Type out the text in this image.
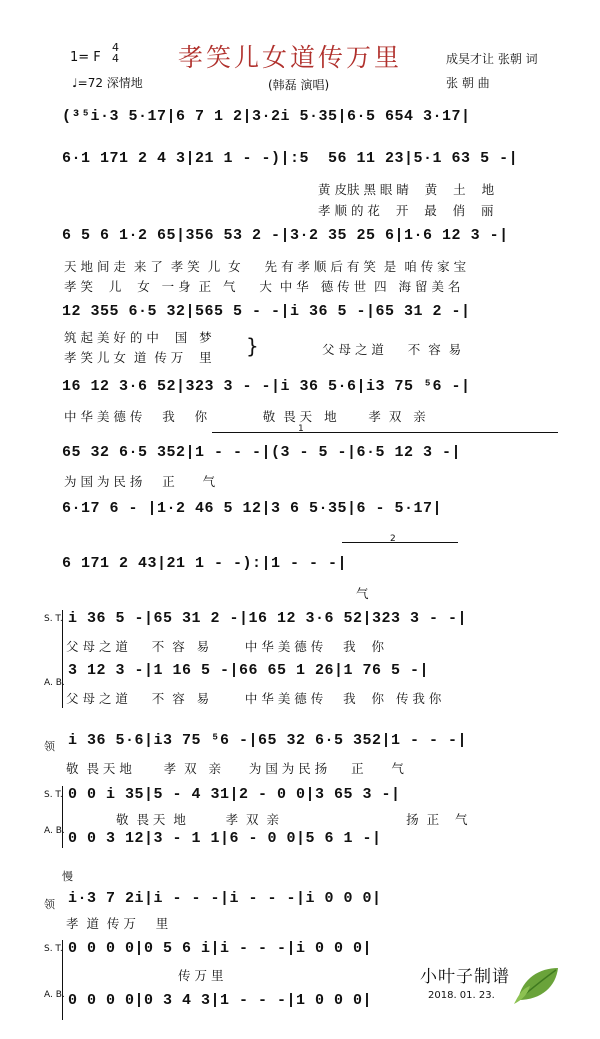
孝笑儿女道传万里
1= F
4
4
♩=72 深情地	(韩磊 演唱)
成昊才让 张朝 词
张 朝 曲
(³⁵i·3 5·17|6 7 1 2|3·2i 5·35|6·5 654 3·17|
6·1 171 2 4 3|21 1 - -)|:5  56 11 23|5·1 63 5 -|
黄 皮肤 黑 眼 睛    黄    土    地
孝 顺 的 花    开    最    俏    丽
6 5 6 1·2 65|356 53 2 -|3·2 35 25 6|1·6 12 3 -|
天 地 间 走  来 了  孝 笑  儿  女      先 有 孝 顺 后 有 笑  是  咱 传 家 宝
孝 笑    儿    女   一 身  正   气      大  中 华   德 传 世  四   海 留 美 名
12 355 6·5 32|565 5 - -|i 36 5 -|65 31 2 -|
筑 起 美 好 的 中    国   梦
孝 笑 儿 女  道  传 万    里 }	父 母 之 道      不  容  易
16 12 3·6 52|323 3 - -|i 36 5·6|i3 75 ⁵6 -|
中 华 美 德 传     我     你              敬  畏 天   地        孝  双   亲
1
65 32 6·5 352|1 - - -|(3 - 5 -|6·5 12 3 -|
为 国 为 民 扬     正       气
6·17 6 - |1·2 46 5 12|3 6 5·35|6 - 5·17|
2
6 171 2 43|21 1 - -):|1 - - -|
气
S. T.
A. B.
i 36 5 -|65 31 2 -|16 12 3·6 52|323 3 - -|
父 母 之 道      不  容   易         中 华 美 德 传     我    你
3 12 3 -|1 16 5 -|66 65 1 26|1 76 5 -|
父 母 之 道      不  容   易         中 华 美 德 传     我    你   传 我 你
领 i 36 5·6|i3 75 ⁵6 -|65 32 6·5 352|1 - - -|
敬  畏 天 地        孝  双   亲       为 国 为 民 扬      正       气
S. T.
A. B.
0 0 i 35|5 - 4 31|2 - 0 0|3 65 3 -|
敬  畏 天  地          孝  双  亲                                扬  正    气
0 0 3 12|3 - 1 1|6 - 0 0|5 6 1 -|
慢
领 i·3 7 2i|i - - -|i - - -|i 0 0 0|
孝  道  传 万     里
S. T.
A. B.
0 0 0 0|0 5 6 i|i - - -|i 0 0 0|
传 万 里
0 0 0 0|0 3 4 3|1 - - -|1 0 0 0|
小叶子制谱
2018. 01. 23.
